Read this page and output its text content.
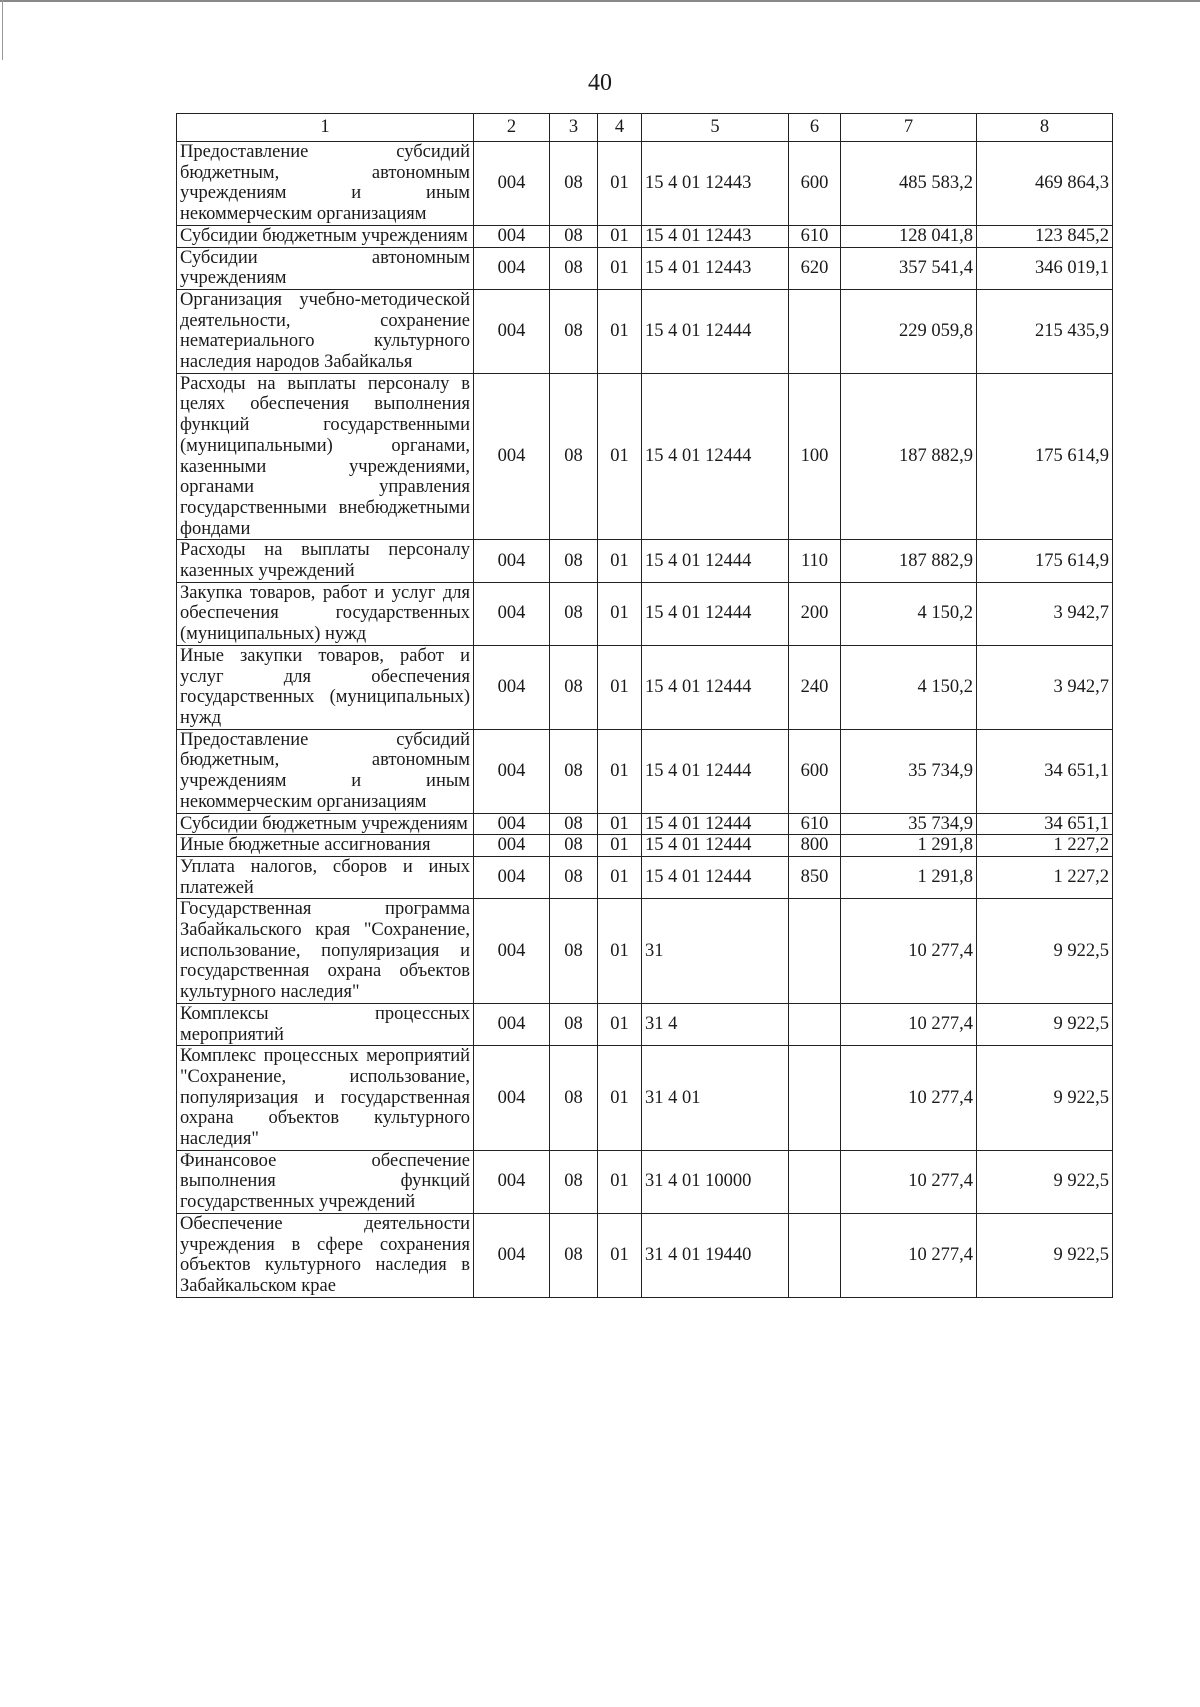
40
1	2	3	4	5	6	7	8
Предоставление субсидий бюджетным, автономным учреждениям и иным некоммерческим организациям	004	08	01	15 4 01 12443	600	485 583,2	469 864,3
Субсидии бюджетным учреждениям	004	08	01	15 4 01 12443	610	128 041,8	123 845,2
Субсидии автономным учреждениям	004	08	01	15 4 01 12443	620	357 541,4	346 019,1
Организация учебно-методической деятельности, сохранение нематериального культурного наследия народов Забайкалья	004	08	01	15 4 01 12444		229 059,8	215 435,9
Расходы на выплаты персоналу в целях обеспечения выполнения функций государственными (муниципальными) органами, казенными учреждениями, органами управления государственными внебюджетными фондами	004	08	01	15 4 01 12444	100	187 882,9	175 614,9
Расходы на выплаты персоналу казенных учреждений	004	08	01	15 4 01 12444	110	187 882,9	175 614,9
Закупка товаров, работ и услуг для обеспечения государственных (муниципальных) нужд	004	08	01	15 4 01 12444	200	4 150,2	3 942,7
Иные закупки товаров, работ и услуг для обеспечения государственных (муниципальных) нужд	004	08	01	15 4 01 12444	240	4 150,2	3 942,7
Предоставление субсидий бюджетным, автономным учреждениям и иным некоммерческим организациям	004	08	01	15 4 01 12444	600	35 734,9	34 651,1
Субсидии бюджетным учреждениям	004	08	01	15 4 01 12444	610	35 734,9	34 651,1
Иные бюджетные ассигнования	004	08	01	15 4 01 12444	800	1 291,8	1 227,2
Уплата налогов, сборов и иных платежей	004	08	01	15 4 01 12444	850	1 291,8	1 227,2
Государственная программа Забайкальского края "Сохранение, использование, популяризация и государственная охрана объектов культурного наследия"	004	08	01	31		10 277,4	9 922,5
Комплексы процессных мероприятий	004	08	01	31 4		10 277,4	9 922,5
Комплекс процессных мероприятий "Сохранение, использование, популяризация и государственная охрана объектов культурного наследия"	004	08	01	31 4 01		10 277,4	9 922,5
Финансовое обеспечение выполнения функций государственных учреждений	004	08	01	31 4 01 10000		10 277,4	9 922,5
Обеспечение деятельности учреждения в сфере сохранения объектов культурного наследия в Забайкальском крае	004	08	01	31 4 01 19440		10 277,4	9 922,5
